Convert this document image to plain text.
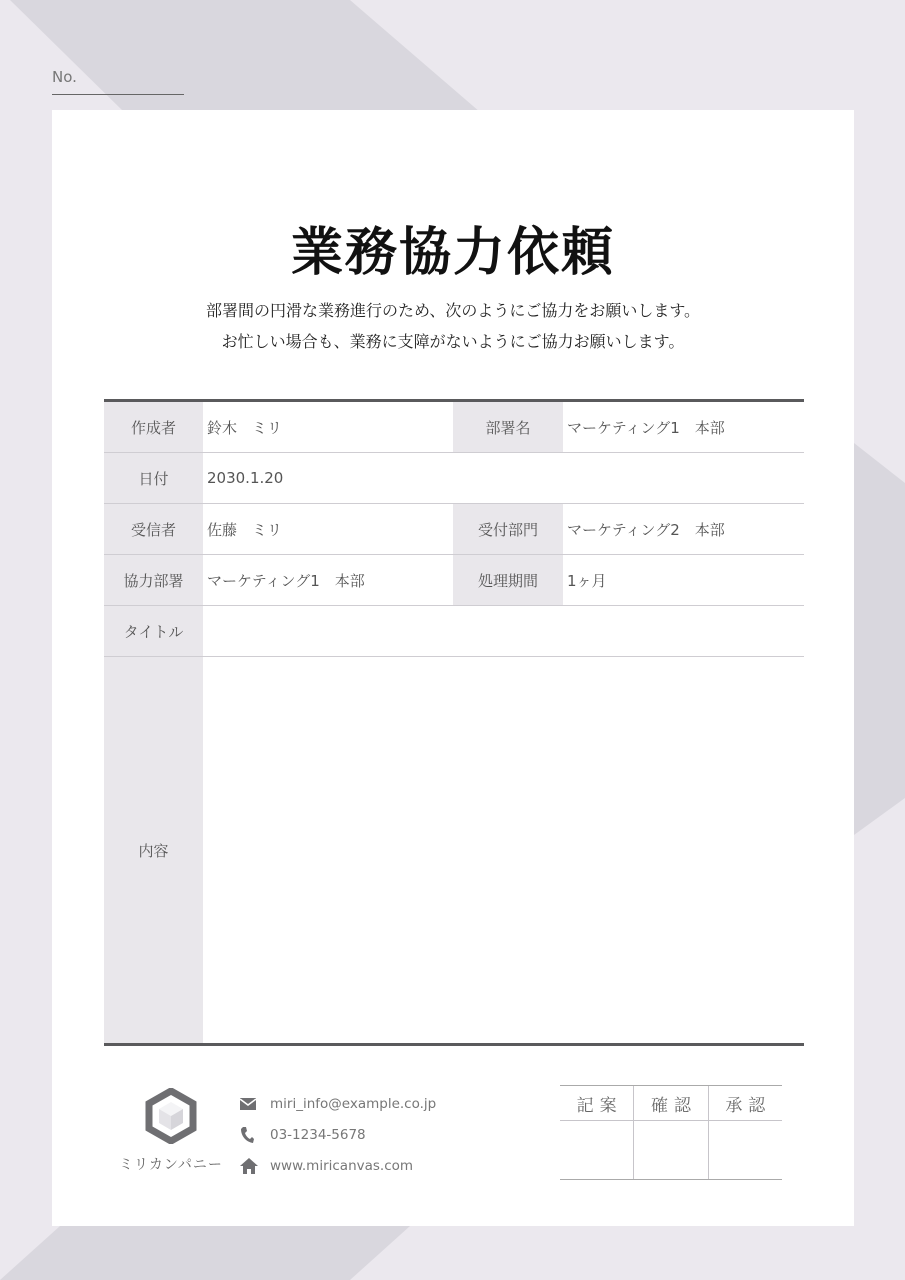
No.
業務協力依頼
部署間の円滑な業務進行のため、次のようにご協力をお願いします。
お忙しい場合も、業務に支障がないようにご協力お願いします。
作成者	鈴木　ミリ	部署名	マーケティング1　本部
日付	2030.1.20
受信者	佐藤　ミリ	受付部門	マーケティング2　本部
協力部署	マーケティング1　本部	処理期間	1ヶ月
タイトル
内容
ミリカンパニー
miri_info@example.co.jp
03-1234-5678
www.miricanvas.com
記案	確認	承認
